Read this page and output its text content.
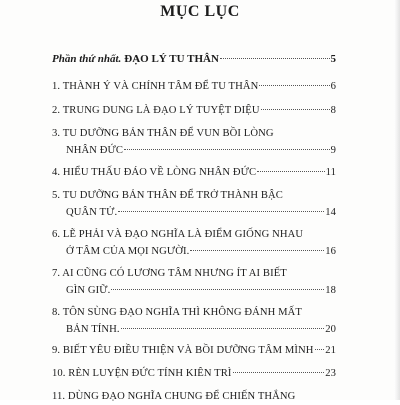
MỤC LỤC
Phần thứ nhất. ĐẠO LÝ TU THÂN	5
1. THÀNH Ý VÀ CHÍNH TÂM ĐỂ TU THÂN	6
2. TRUNG DUNG LÀ ĐẠO LÝ TUYỆT DIỆU	8
3. TU DƯỠNG BẢN THÂN ĐỂ VUN BỒI LÒNG
NHÂN ĐỨC	9
4. HIỂU THẤU ĐÁO VỀ LÒNG NHÂN ĐỨC	11
5. TU DƯỠNG BẢN THÂN ĐỂ TRỞ THÀNH BẬC
QUÂN TỬ.	14
6. LẼ PHẢI VÀ ĐẠO NGHĨA LÀ ĐIỂM GIỐNG NHAU
Ở TÂM CỦA MỌI NGƯỜI.	16
7. AI CŨNG CÓ LƯƠNG TÂM NHƯNG ÍT AI BIẾT
GÌN GIỮ.	18
8. TÔN SÙNG ĐẠO NGHĨA THÌ KHÔNG ĐÁNH MẤT
BẢN TÍNH.	20
9. BIẾT YÊU ĐIỀU THIỆN VÀ BỒI DƯỠNG TÂM MÌNH 21
10. RÈN LUYỆN ĐỨC TÍNH KIÊN TRÌ	23
11. DÙNG ĐẠO NGHĨA CHUNG ĐỂ CHIẾN THẮNG
